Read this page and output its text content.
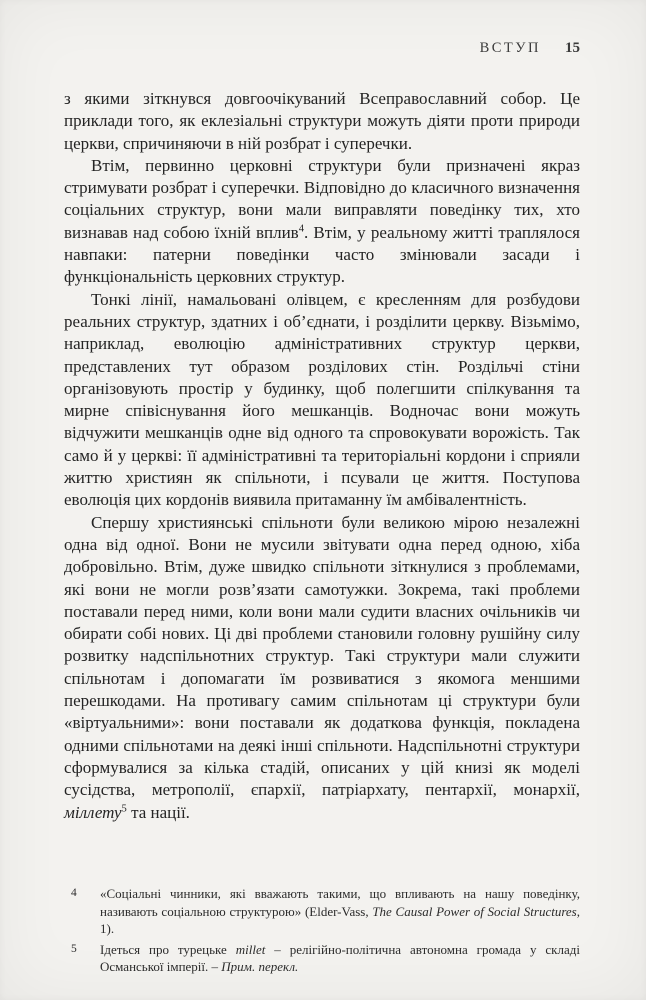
ВСТУП 15

з якими зіткнувся довгоочікуваний Всеправославний собор. Це приклади того, як еклезіальні структури можуть діяти проти природи церкви, спричиняючи в ній розбрат і суперечки.

Втім, первинно церковні структури були призначені якраз стримувати розбрат і суперечки. Відповідно до класичного визначення соціальних структур, вони мали виправляти поведінку тих, хто визнавав над собою їхній вплив$^4$. Втім, у реальному житті траплялося навпаки: патерни поведінки часто змінювали засади і функціональність церковних структур.

Тонкі лінії, намальовані олівцем, є кресленням для розбудови реальних структур, здатних і об’єднати, і розділити церкву. Візьмімо, наприклад, еволюцію адміністративних структур церкви, представлених тут образом розділових стін. Роздільчі стіни організовують простір у будинку, щоб полегшити спілкування та мирне співіснування його мешканців. Водночас вони можуть відчужити мешканців одне від одного та спровокувати ворожість. Так само й у церкві: її адміністративні та територіальні кордони і сприяли життю християн як спільноти, і псували це життя. Поступова еволюція цих кордонів виявила притаманну їм амбівалентність.

Спершу християнські спільноти були великою мірою незалежні одна від одної. Вони не мусили звітувати одна перед одною, хіба добровільно. Втім, дуже швидко спільноти зіткнулися з проблемами, які вони не могли розв’язати самотужки. Зокрема, такі проблеми поставали перед ними, коли вони мали судити власних очільників чи обирати собі нових. Ці дві проблеми становили головну рушійну силу розвитку надспільнотних структур. Такі структури мали служити спільнотам і допомагати їм розвиватися з якомога меншими перешкодами. На противагу самим спільнотам ці структури були «віртуальними»: вони поставали як додаткова функція, покладена одними спільнотами на деякі інші спільноти. Надспільнотні структури сформувалися за кілька стадій, описаних у цій книзі як моделі сусідства, метрополії, єпархії, патріархату, пентархії, монархії, міллету$^5$ та нації.

4 «Соціальні чинники, які вважають такими, що впливають на нашу поведінку, називають соціальною структурою» (Elder-Vass, The Causal Power of Social Structures, 1).
5 Ідеться про турецьке millet – релігійно-політична автономна громада у складі Османської імперії. – Прим. перекл.
